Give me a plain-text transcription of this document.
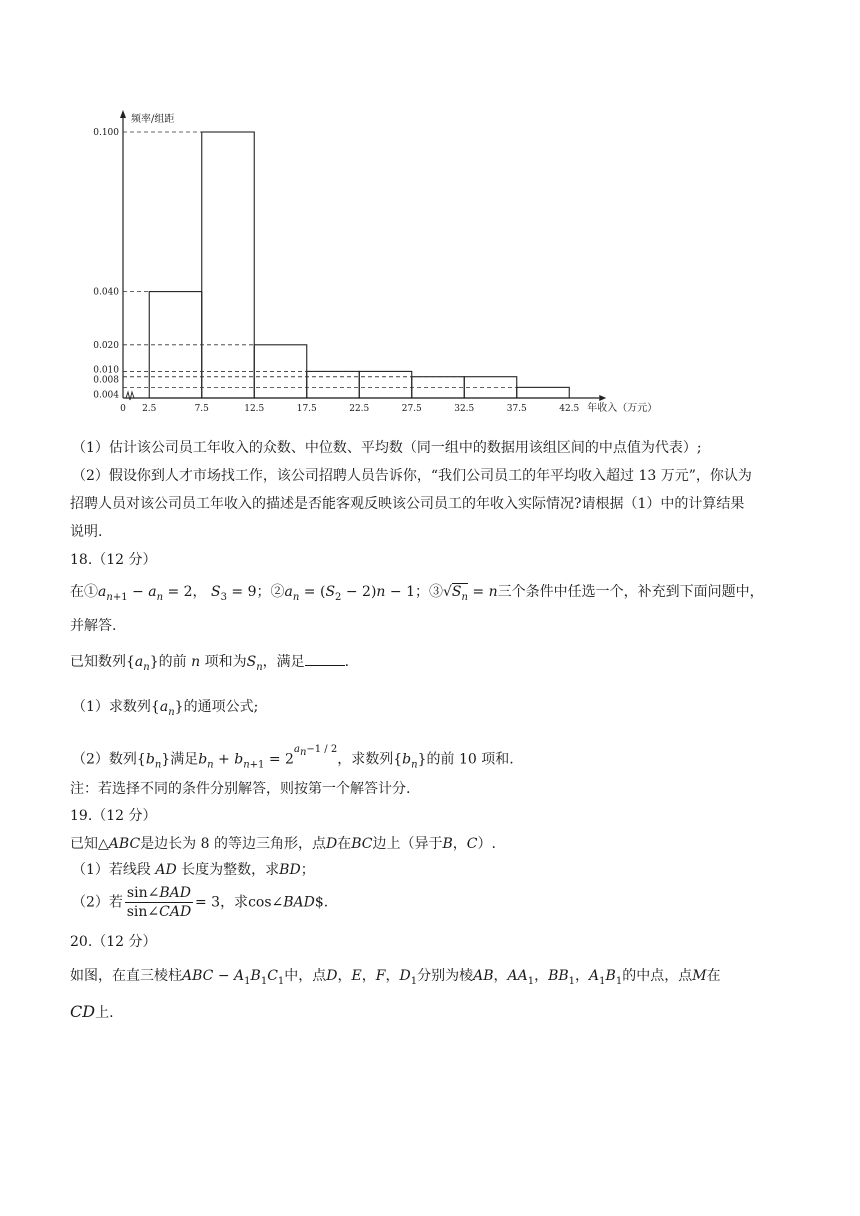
0.100
0.040
0.020
0.010
0.008
0.004
0 2.5	7.5	12.5	17.5	22.5	27.5	32.5	37.5	42.5
频率/组距
年收入（万元）
（1）估计该公司员工年收入的众数、中位数、平均数（同一组中的数据用该组区间的中点值为代表）;
（2）假设你到人才市场找工作，该公司招聘人员告诉你，“我们公司员工的年平均收入超过 13 万元”，你认为
招聘人员对该公司员工年收入的描述是否能客观反映该公司员工的年收入实际情况?请根据（1）中的计算结果
说明.
18.（12 分）
在$①a_{n+1} - a_n = 2$， $S_3 = 9$；$②a_n = (S_2 - 2)n - 1$；$③√S_n = n$三个条件中任选一个，补充到下面问题中，
并解答.
已知数列$\{a_n\}$的前 n 项和为$S_n$，满足	.
（1）求数列$\{a_n\}$的通项公式;
（2）数列$\{b_n\}$满足$b_n + b_{n+1} = 2^{a_n-1 / 2}$，求数列$\{b_n\}$的前 10 项和.
注：若选择不同的条件分别解答，则按第一个解答计分.
19.（12 分）
已知△ABC是边长为 8 的等边三角形，点D在BC边上（异于B，C）.
（1）若线段 AD 长度为整数，求BD；
（2）若 $\frac{\text{sin∠BAD}}{\text{sin∠CAD}} = 3$，求cos∠BAD$.
20.（12 分）
如图，在直三棱柱ABC − $A_1B_1C_1$中，点D，E，F，$D_1$分别为棱AB，$AA_1$，$BB_1$，$A_1B_1$的中点，点M在
CD上.
